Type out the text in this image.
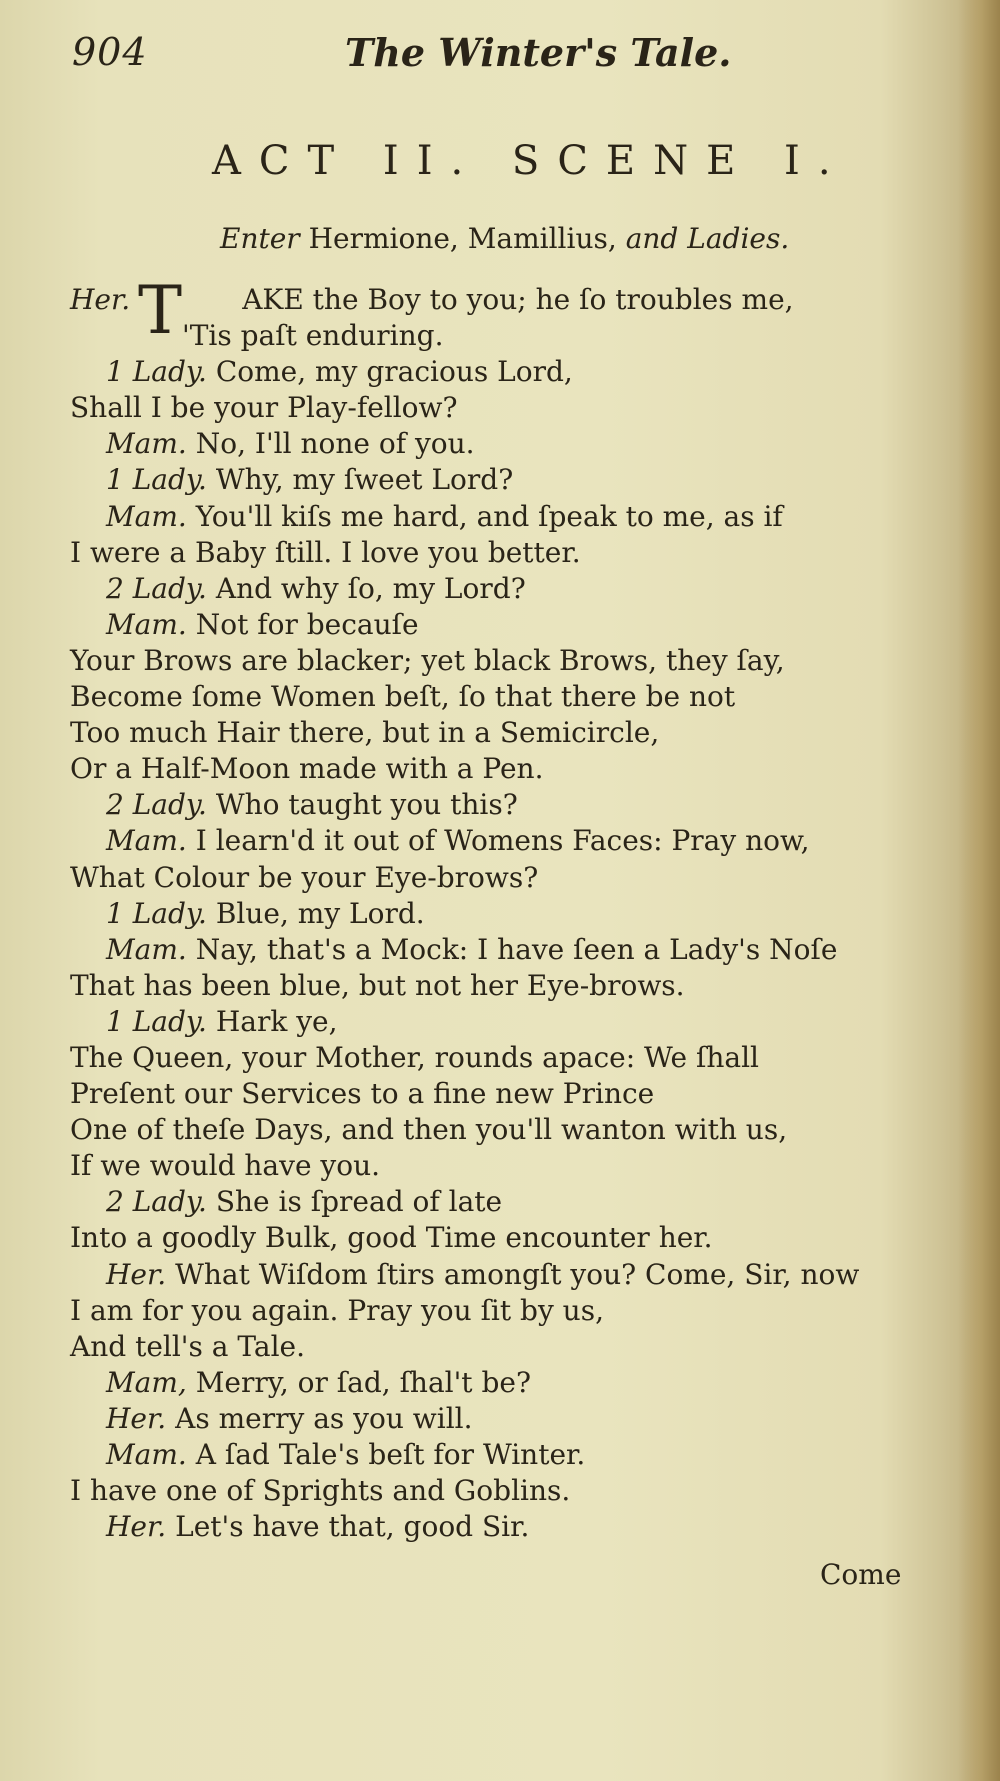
904	The Winter's Tale.
ACT II. SCENE I.
Enter Hermione, Mamillius, and Ladies.
Her. T AKE the Boy to you; he ſo troubles me,
'Tis paſt enduring.
1 Lady. Come, my gracious Lord,
Shall I be your Play-fellow?
Mam. No, I'll none of you.
1 Lady. Why, my ſweet Lord?
Mam. You'll kiſs me hard, and ſpeak to me, as if
I were a Baby ſtill. I love you better.
2 Lady. And why ſo, my Lord?
Mam. Not for becauſe
Your Brows are blacker; yet black Brows, they ſay,
Become ſome Women beſt, ſo that there be not
Too much Hair there, but in a Semicircle,
Or a Half-Moon made with a Pen.
2 Lady. Who taught you this?
Mam. I learn'd it out of Womens Faces: Pray now,
What Colour be your Eye-brows?
1 Lady. Blue, my Lord.
Mam. Nay, that's a Mock: I have ſeen a Lady's Noſe
That has been blue, but not her Eye-brows.
1 Lady. Hark ye,
The Queen, your Mother, rounds apace: We ſhall
Preſent our Services to a fine new Prince
One of theſe Days, and then you'll wanton with us,
If we would have you.
2 Lady. She is ſpread of late
Into a goodly Bulk, good Time encounter her.
Her. What Wiſdom ſtirs amongſt you? Come, Sir, now
I am for you again. Pray you ſit by us,
And tell's a Tale.
Mam, Merry, or ſad, ſhal't be?
Her. As merry as you will.
Mam. A ſad Tale's beſt for Winter.
I have one of Sprights and Goblins.
Her. Let's have that, good Sir.
Come
